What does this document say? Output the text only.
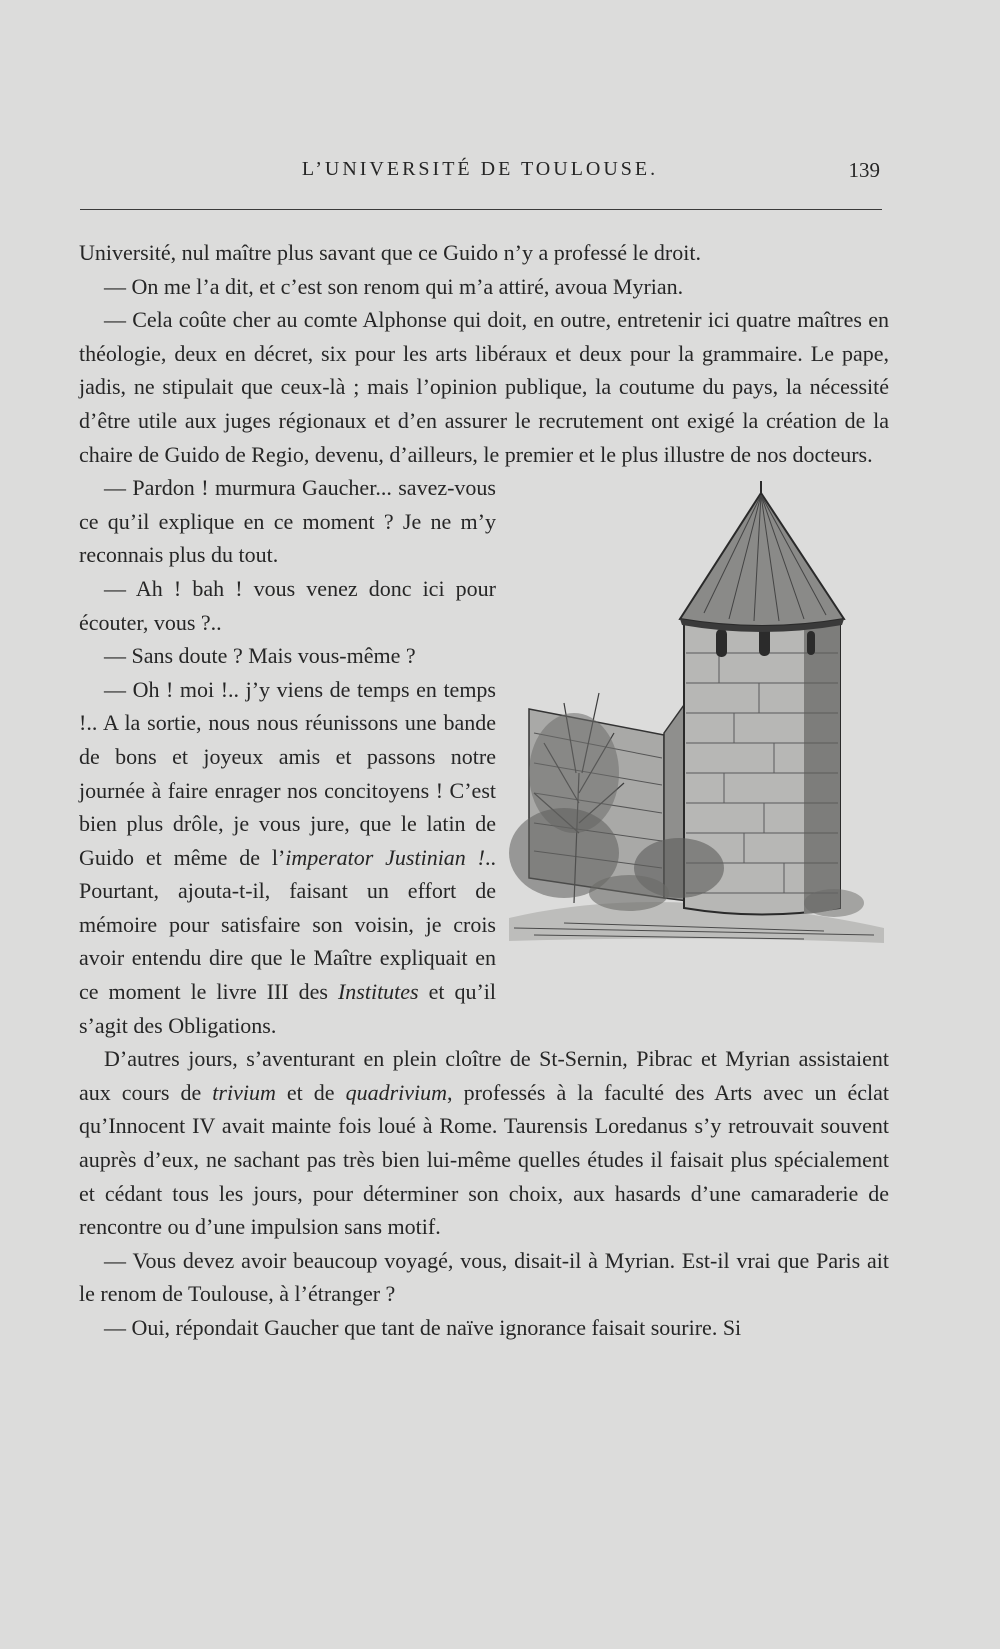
L’UNIVERSITÉ DE TOULOUSE.	139

Université, nul maître plus savant que ce Guido n’y a professé le droit.

— On me l’a dit, et c’est son renom qui m’a attiré, avoua Myrian.

— Cela coûte cher au comte Alphonse qui doit, en outre, entretenir ici quatre maîtres en théologie, deux en décret, six pour les arts libéraux et deux pour la grammaire. Le pape, jadis, ne stipulait que ceux-là ; mais l’opinion publique, la coutume du pays, la nécessité d’être utile aux juges régionaux et d’en assurer le recrutement ont exigé la création de la chaire de Guido de Regio, devenu, d’ailleurs, le premier et le plus illustre de nos docteurs.

— Pardon ! murmura Gaucher... savez-vous ce qu’il explique en ce moment ? Je ne m’y reconnais plus du tout.

— Ah ! bah ! vous venez donc ici pour écouter, vous ?..

— Sans doute ? Mais vous-même ?

— Oh ! moi !.. j’y viens de temps en temps !.. A la sortie, nous nous réunissons une bande de bons et joyeux amis et passons notre journée à faire enrager nos concitoyens ! C’est bien plus drôle, je vous jure, que le latin de Guido et même de l’imperator Justinian !.. Pourtant, ajouta-t-il, faisant un effort de mémoire pour satisfaire son voisin, je crois avoir entendu dire que le Maître expliquait en ce moment le livre III des Institutes et qu’il s’agit des Obligations.

D’autres jours, s’aventurant en plein cloître de St-Sernin, Pibrac et Myrian assistaient aux cours de trivium et de quadrivium, professés à la faculté des Arts avec un éclat qu’Innocent IV avait mainte fois loué à Rome. Taurensis Loredanus s’y retrouvait souvent auprès d’eux, ne sachant pas très bien lui-même quelles études il faisait plus spécialement et cédant tous les jours, pour déterminer son choix, aux hasards d’une camaraderie de rencontre ou d’une impulsion sans motif.

— Vous devez avoir beaucoup voyagé, vous, disait-il à Myrian. Est-il vrai que Paris ait le renom de Toulouse, à l’étranger ?

— Oui, répondait Gaucher que tant de naïve ignorance faisait sourire. Si
